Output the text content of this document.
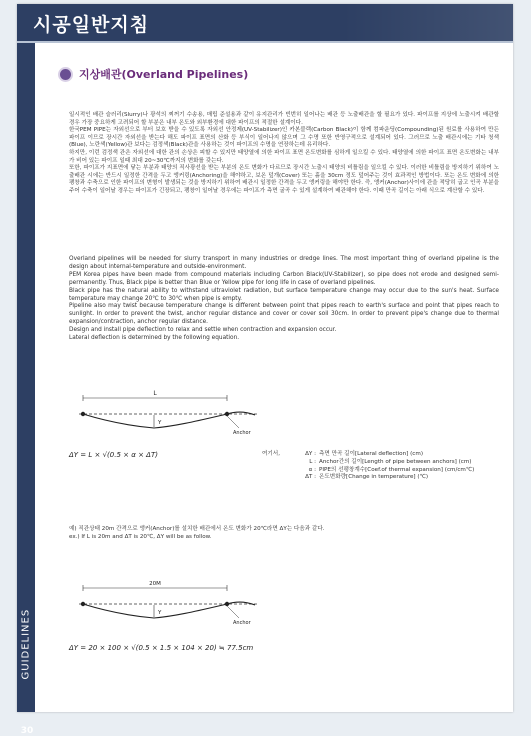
시공일반지침
GUIDELINES
30
지상배관(Overland Pipelines)
일시적인 배관 슬러리(Slurry)나 광석의 찌꺼기 수송용, 매립 준설용과 같이 유지관리가 빈번히 일어나는 배관 등 노출배관을 할 필요가 있다. 파이프를 지상에 노출시켜 배관할 경우 가장 중요하게 고려되어 할 부분은 내부 온도와 외부환경에 대한 파이프의 적절한 설계이다.
한국PEM PIPE는 자외선으로 부터 보호 받을 수 있도록 자외선 안정제(UV-Stabilizer)인 카본블랙(Carbon Black)이 함께 컴파운딩(Compounding)된 원료를 사용하여 만든 파이프 이므로 장시간 자외선을 받는다 해도 파이프 표면의 산화 등 부식이 일어나지 않으며 그 수명 또한 반영구적으로 설계되어 있다. 그러므로 노출 배관시에는 기타 청색(Blue), 노란색(Yellow)관 보다는 검정색(Black)관을 사용하는 것이 파이프의 수명을 연장하는데 유리하다.
하지만, 이런 검정색 관은 자외선에 대한 관의 손상은 피할 수 있지만 태양열에 의한 파이프 표면 온도변화를 심하게 일으킬 수 있다. 태양열에 의한 파이프 표면 온도변화는 내부가 비어 있는 파이프 일때 최대 20~30℃까지의 변화를 갖는다.
또한, 파이프가 지표면에 닿는 부분과 태양의 직사광선을 받는 부분의 온도 변화가 다르므로 장시간 노출시 태양의 비틀림을 일으킬 수 있다. 이러한 비틀림을 방지하기 위하여 노출배관 시에는 반드시 일정한 간격을 두고 앵커링(Anchoring)을 해야하고, 보온 덮개(Cover) 또는 흙을 30cm 정도 덮어주는 것이 효과적인 방법이다. 또는 온도 변화에 의한 팽창과 수축으로 인한 파이프의 변형이 발생되는 것을 방지하기 위하여 배관시 일정한 간격을 두고 앵커링을 해야만 한다. 즉, 앵커(Anchor)사이에 관을 적당히 굽고 인곡 부분을 주어 수축이 일어날 경우는 파이프가 긴장되고, 팽창이 일어날 경우에는 파이프가 측면 굴곡 수 있게 설계하여 배관해야 한다. 이때 만곡 길이는 아래 식으로 계산할 수 있다.
Overland pipelines will be needed for slurry transport in many industries or dredge lines. The most important thing of overland pipeline is the design about internal-temperature and outside-environment.
PEM Korea pipes have been made from compound materials including Carbon Black(UV-Stabilizer), so pipe does not erode and designed semi-permanently. Thus, Black pipe is better than Blue or Yellow pipe for long life in case of overland pipelines.
Black pipe has the natural ability to withstand ultraviolet radiation, but surface temperature change may occur due to the sun's heat. Surface temperature may change 20℃ to 30℃ when pipe is empty.
Pipeline also may twist because temperature change is different between point that pipes reach to earth's surface and point that pipes reach to sunlight. In order to prevent the twist, anchor regular distance and cover or cover soil 30cm. In order to prevent pipe's change due to thermal expansion/contraction, anchor regular distance.
Design and install pipe deflection to relax and settle when contraction and expansion occur.
Lateral deflection is determined by the following equation.
L
Y
Anchor
ΔY = L × √(0.5 × α × ΔT)	여기서,	ΔY : 측면 만곡 길이[Lateral deflection] (cm)
L : Anchor간의 길이[Length of pipe between anchors] (cm)
α : PIPE의 선팽창계수[Coef.of thermal expansion] (cm/cm℃)
ΔT : 온도변화량[Change in temperature] (℃)
예) 직관상태 20m 간격으로 앵커(Anchor)를 설치한 배관에서 온도 변화가 20℃라면 ΔY는 다음과 같다.
ex.) If L is 20m and ΔT is 20℃, ΔY will be as follow.
20M
Y
Anchor
ΔY = 20 × 100 × √(0.5 × 1.5 × 104 × 20) ≒ 77.5cm
